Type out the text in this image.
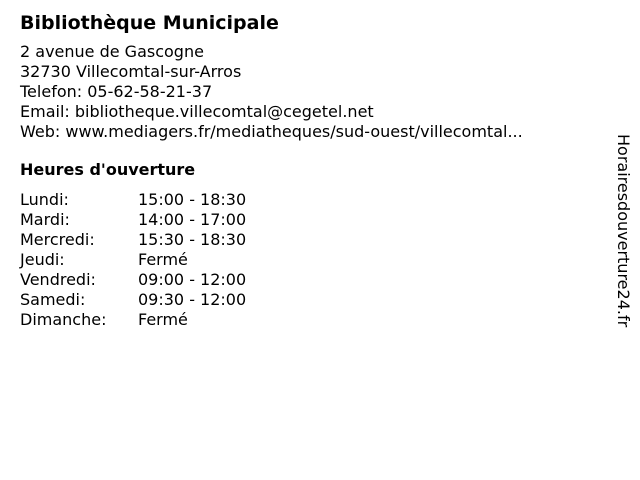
Bibliothèque Municipale
2 avenue de Gascogne
32730 Villecomtal-sur-Arros
Telefon: 05-62-58-21-37
Email: bibliotheque.villecomtal@cegetel.net
Web: www.mediagers.fr/mediatheques/sud-ouest/villecomtal...
Heures d'ouverture
Lundi:	15:00 - 18:30
Mardi:	14:00 - 17:00
Mercredi:	15:30 - 18:30
Jeudi:	Fermé
Vendredi:	09:00 - 12:00
Samedi:	09:30 - 12:00
Dimanche:	Fermé	Horairesdouverture24.fr
